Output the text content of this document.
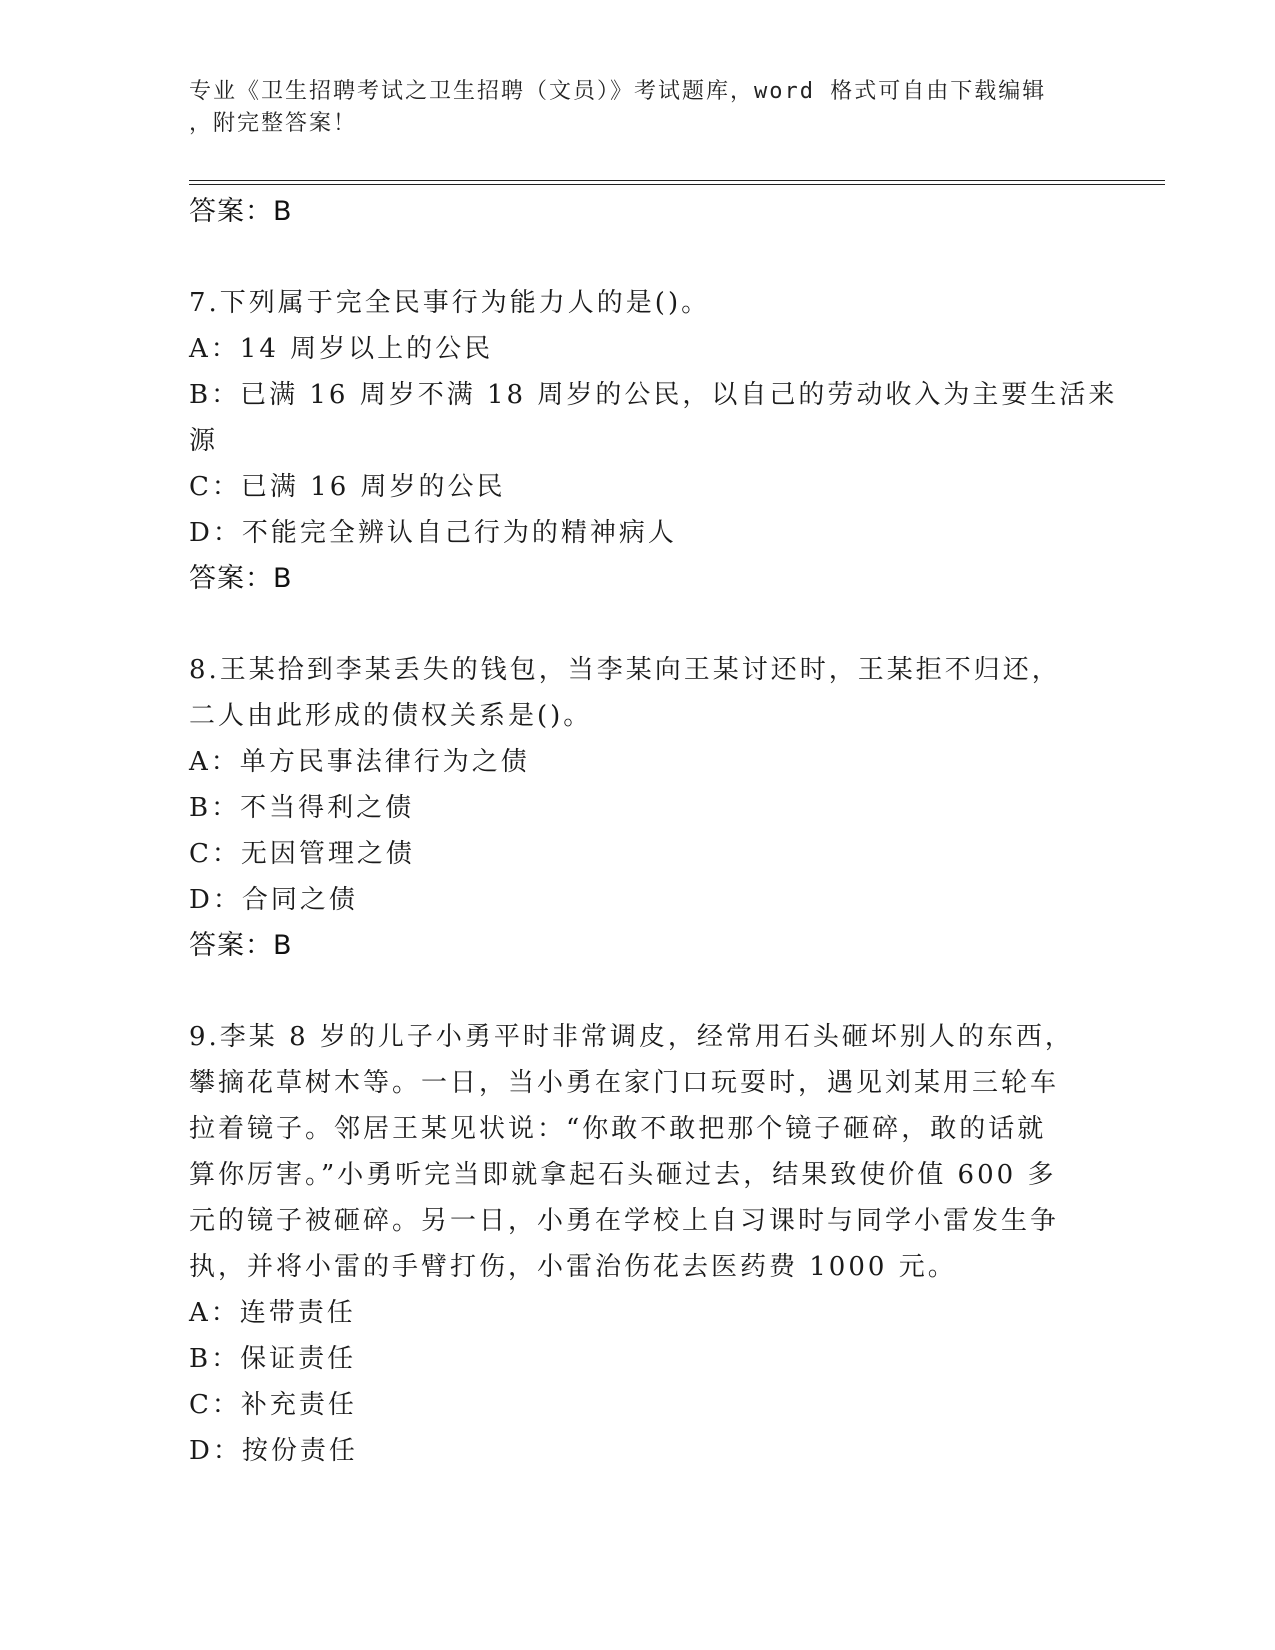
专业《卫生招聘考试之卫生招聘（文员）》考试题库，word 格式可自由下载编辑
，附完整答案！
答案：B
7.下列属于完全民事行为能力人的是()。
A：14 周岁以上的公民
B：已满 16 周岁不满 18 周岁的公民，以自己的劳动收入为主要生活来
源
C：已满 16 周岁的公民
D：不能完全辨认自己行为的精神病人
答案：B
8.王某拾到李某丢失的钱包，当李某向王某讨还时，王某拒不归还，
二人由此形成的债权关系是()。
A：单方民事法律行为之债
B：不当得利之债
C：无因管理之债
D：合同之债
答案：B
9.李某 8 岁的儿子小勇平时非常调皮，经常用石头砸坏别人的东西，
攀摘花草树木等。一日，当小勇在家门口玩耍时，遇见刘某用三轮车
拉着镜子。邻居王某见状说：“你敢不敢把那个镜子砸碎，敢的话就
算你厉害。”小勇听完当即就拿起石头砸过去，结果致使价值 600 多
元的镜子被砸碎。另一日，小勇在学校上自习课时与同学小雷发生争
执，并将小雷的手臂打伤，小雷治伤花去医药费 1000 元。
A：连带责任
B：保证责任
C：补充责任
D：按份责任
